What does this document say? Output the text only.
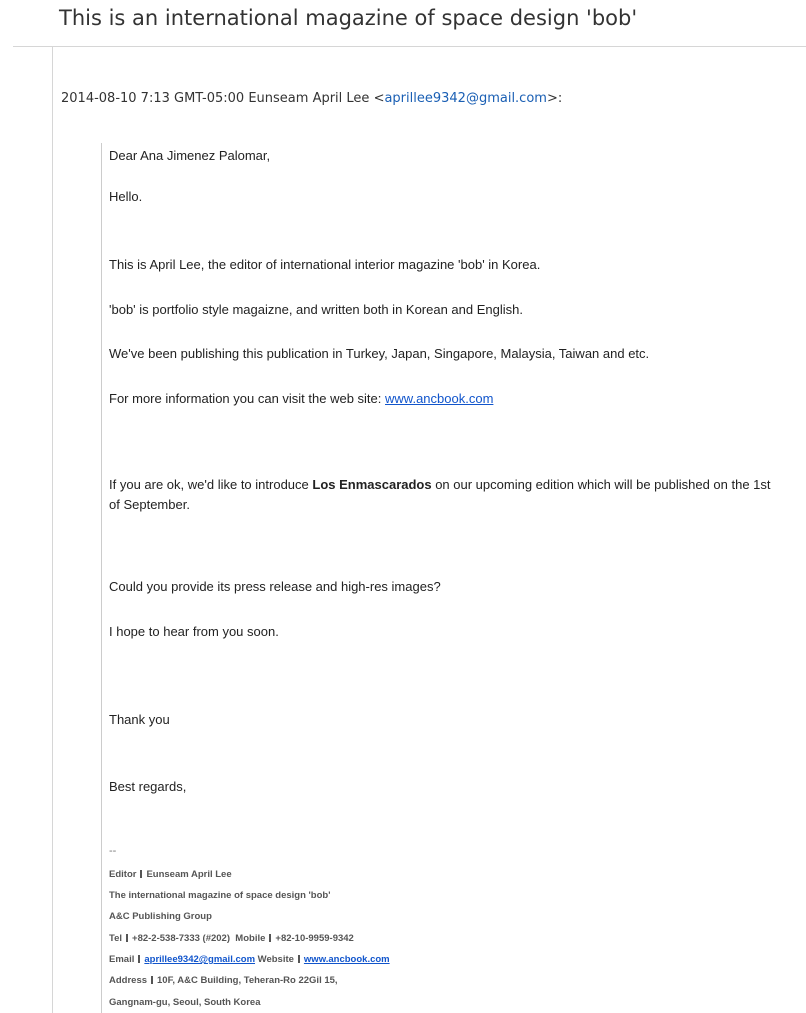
This is an international magazine of space design 'bob'
2014-08-10 7:13 GMT-05:00 Eunseam April Lee <aprillee9342@gmail.com>:

Dear Ana Jimenez Palomar,

Hello.

This is April Lee, the editor of international interior magazine 'bob' in Korea.

'bob' is portfolio style magaizne, and written both in Korean and English.

We've been publishing this publication in Turkey, Japan, Singapore, Malaysia, Taiwan and etc.

For more information you can visit the web site: www.ancbook.com

If you are ok, we'd like to introduce Los Enmascarados on our upcoming edition which will be published on the 1st of September.

Could you provide its press release and high-res images?

I hope to hear from you soon.

Thank you

Best regards,

--
Editor Eunseam April Lee
The international magazine of space design 'bob'
A&C Publishing Group
Tel +82-2-538-7333 (#202) Mobile +82-10-9959-9342
Email aprillee9342@gmail.com Website www.ancbook.com
Address 10F, A&C Building, Teheran-Ro 22Gil 15,
Gangnam-gu, Seoul, South Korea
